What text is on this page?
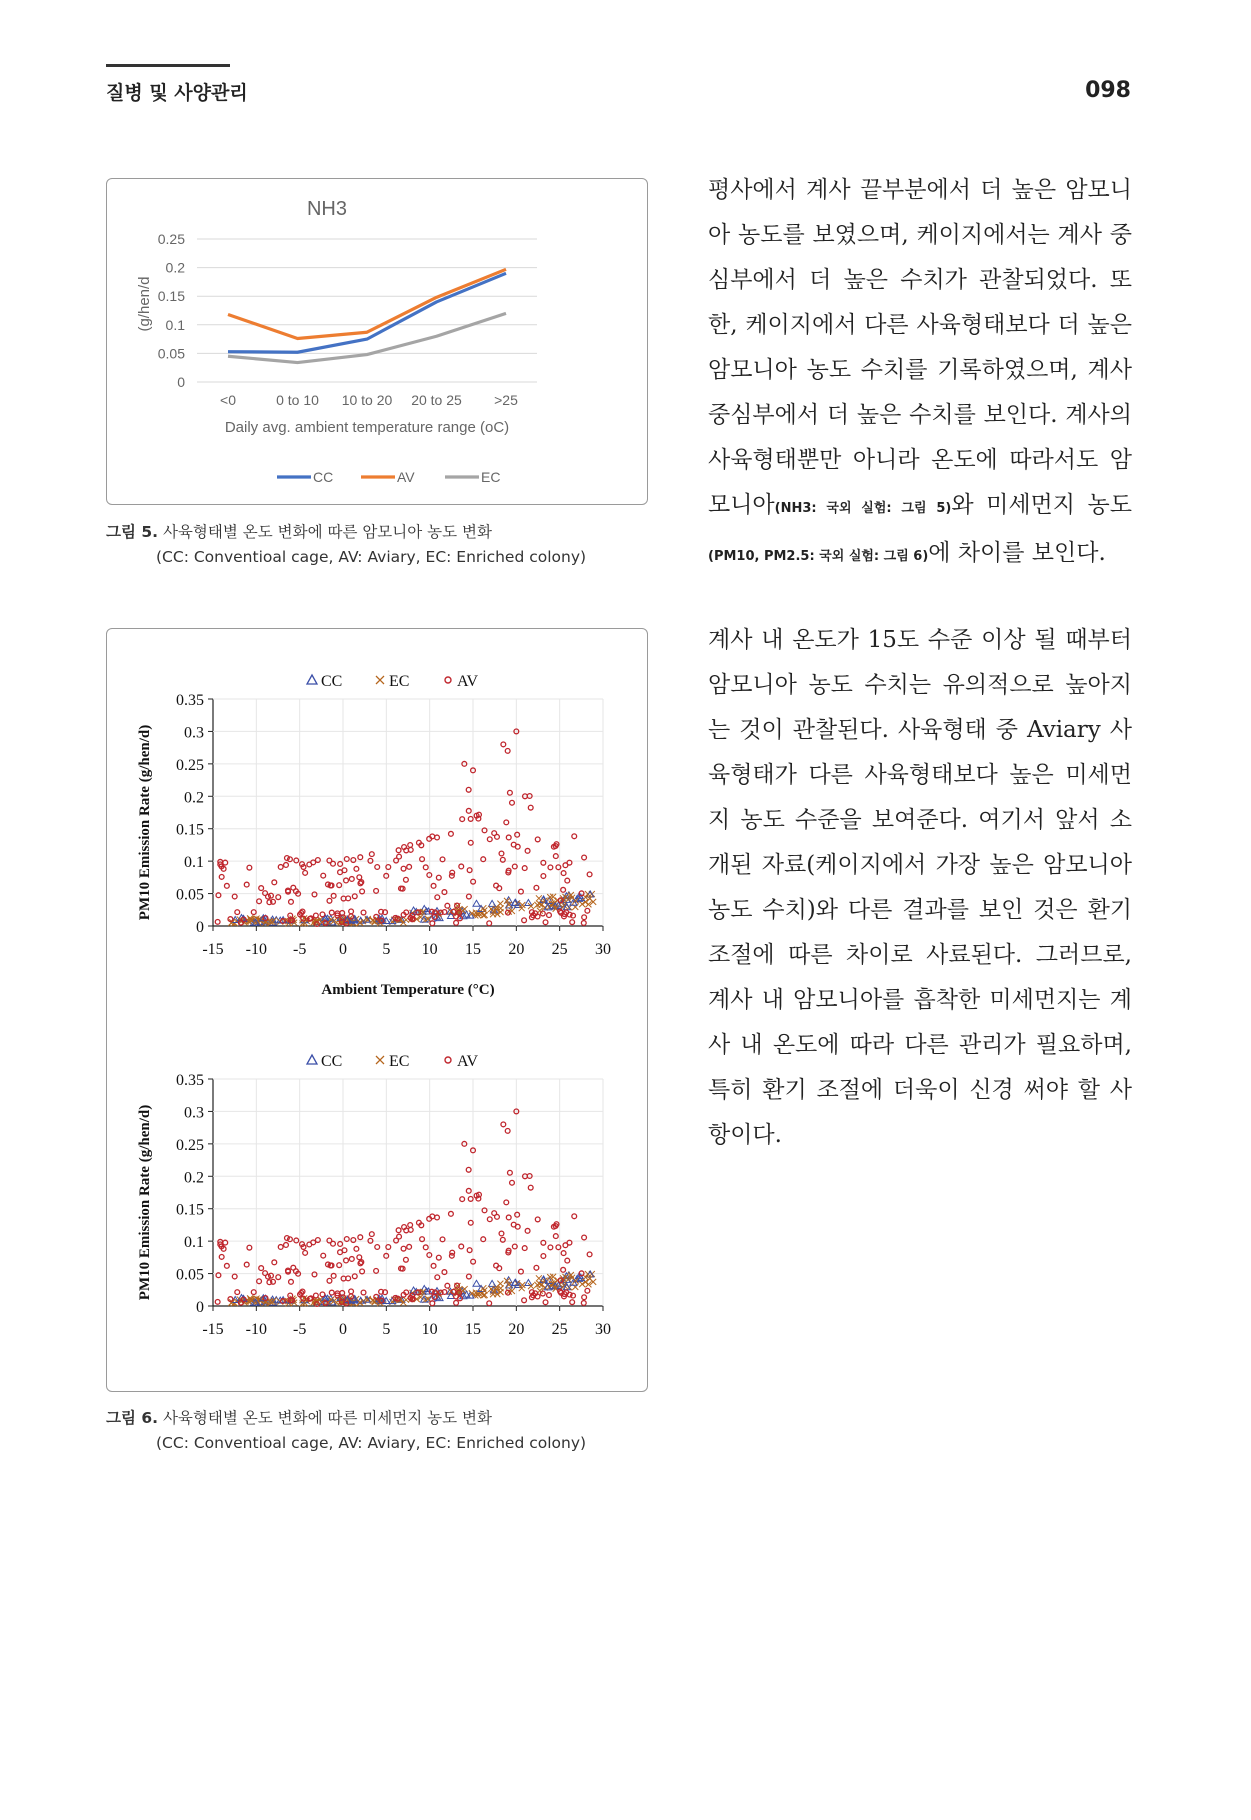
질병 및 사양관리	098
NH3
0
0.05
0.1
0.15
0.2
0.25
<0	0 to 10 10 to 20 20 to 25 >25
Daily avg. ambient temperature range (oC)
(g/hen/d
CC	AV	EC
그림 5. 사육형태별 온도 변화에 따른 암모니아 농도 변화
(CC: Conventioal cage, AV: Aviary, EC: Enriched colony)
0
0.05
0.1
0.15
0.2
0.25
0.3
0.35
-15 -10 -5 0 5 10 15 20 25 30
Ambient Temperature (°C)
PM10 Emission Rate (g/hen/d)
CC	EC	AV
0
0.05
0.1
0.15
0.2
0.25
0.3
0.35
-15 -10 -5 0 5 10 15 20 25 30
PM10 Emission Rate (g/hen/d)
CC	EC	AV
그림 6. 사육형태별 온도 변화에 따른 미세먼지 농도 변화
(CC: Conventioal cage, AV: Aviary, EC: Enriched colony)
평사에서 계사 끝부분에서 더 높은 암모니아 농도를 보였으며, 케이지에서는 계사 중심부에서 더 높은 수치가 관찰되었다. 또한, 케이지에서 다른 사육형태보다 더 높은 암모니아 농도 수치를 기록하였으며, 계사 중심부에서 더 높은 수치를 보인다. 계사의 사육형태뿐만 아니라 온도에 따라서도 암모니아(NH3: 국외 실험: 그림 5)와 미세먼지 농도(PM10, PM2.5: 국외 실험: 그림 6)에 차이를 보인다.
계사 내 온도가 15도 수준 이상 될 때부터 암모니아 농도 수치는 유의적으로 높아지는 것이 관찰된다. 사육형태 중 Aviary 사육형태가 다른 사육형태보다 높은 미세먼지 농도 수준을 보여준다. 여기서 앞서 소개된 자료(케이지에서 가장 높은 암모니아 농도 수치)와 다른 결과를 보인 것은 환기 조절에 따른 차이로 사료된다. 그러므로, 계사 내 암모니아를 흡착한 미세먼지는 계사 내 온도에 따라 다른 관리가 필요하며, 특히 환기 조절에 더욱이 신경 써야 할 사항이다.
